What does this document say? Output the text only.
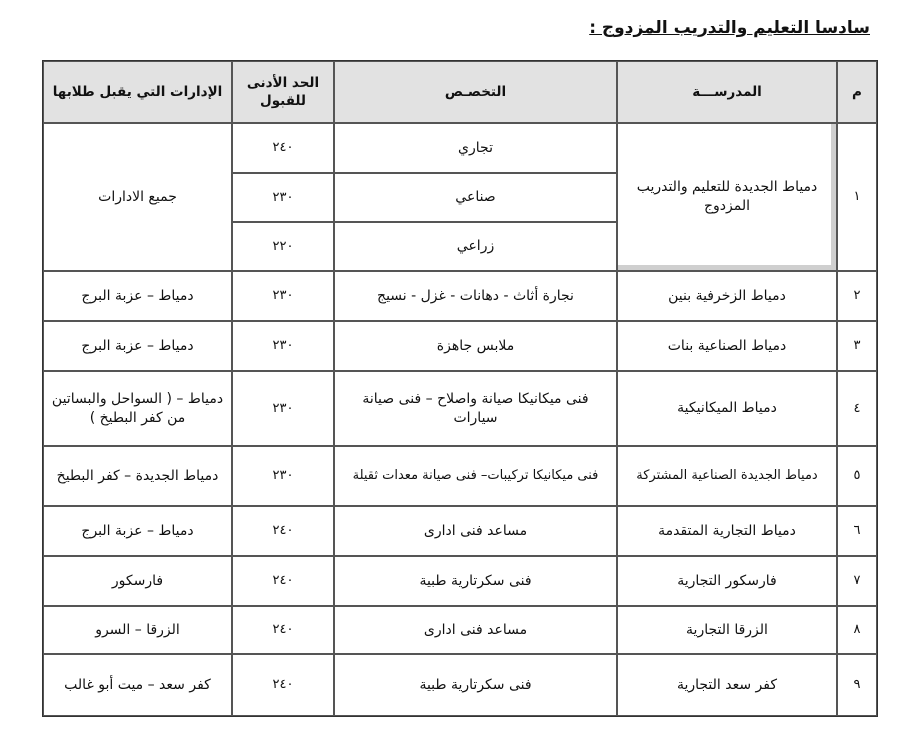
سادسا التعليم والتدريب المزدوج :
م
المدرســـة
التخصـص
الحد الأدنى للقبول
الإدارات التي يقبل طلابها
١
دمياط الجديدة للتعليم والتدريب المزدوج
تجاري
٢٤٠
صناعي
٢٣٠
زراعي
٢٢٠
جميع الادارات
٢
دمياط الزخرفية بنين
نجارة أثاث - دهانات - غزل - نسيج
٢٣٠
دمياط – عزبة البرج
٣
دمياط الصناعية بنات
ملابس جاهزة
٢٣٠
دمياط – عزبة البرج
٤
دمياط الميكانيكية
فنى ميكانيكا صيانة واصلاح – فنى صيانة سيارات
٢٣٠
دمياط – ( السواحل والبساتين من كفر البطيخ )
٥
دمياط الجديدة الصناعية المشتركة
فنى ميكانيكا تركيبات– فنى صيانة معدات ثقيلة
٢٣٠
دمياط الجديدة – كفر البطيخ
٦
دمياط التجارية المتقدمة
مساعد فنى ادارى
٢٤٠
دمياط – عزبة البرج
٧
فارسكور التجارية
فنى سكرتارية طبية
٢٤٠
فارسكور
٨
الزرقا التجارية
مساعد فنى ادارى
٢٤٠
الزرقا – السرو
٩
كفر سعد التجارية
فنى سكرتارية طبية
٢٤٠
كفر سعد – ميت أبو غالب
